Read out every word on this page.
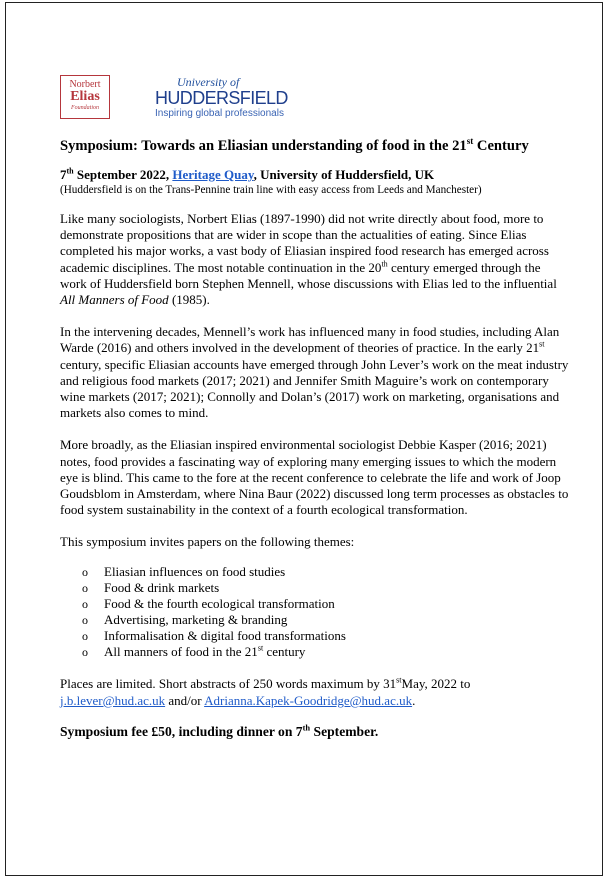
Norbert
Elias
Foundation
University of
HUDDERSFIELD
Inspiring global professionals

Symposium: Towards an Eliasian understanding of food in the 21st Century

7th September 2022, Heritage Quay, University of Huddersfield, UK

(Huddersfield is on the Trans-Pennine train line with easy access from Leeds and Manchester)

Like many sociologists, Norbert Elias (1897-1990) did not write directly about food, more to demonstrate propositions that are wider in scope than the actualities of eating. Since Elias completed his major works, a vast body of Eliasian inspired food research has emerged across academic disciplines. The most notable continuation in the 20th century emerged through the work of Huddersfield born Stephen Mennell, whose discussions with Elias led to the influential All Manners of Food (1985).

In the intervening decades, Mennell’s work has influenced many in food studies, including Alan Warde (2016) and others involved in the development of theories of practice. In the early 21st century, specific Eliasian accounts have emerged through John Lever’s work on the meat industry and religious food markets (2017; 2021) and Jennifer Smith Maguire’s work on contemporary wine markets (2017; 2021); Connolly and Dolan’s (2017) work on marketing, organisations and markets also comes to mind.

More broadly, as the Eliasian inspired environmental sociologist Debbie Kasper (2016; 2021) notes, food provides a fascinating way of exploring many emerging issues to which the modern eye is blind. This came to the fore at the recent conference to celebrate the life and work of Joop Goudsblom in Amsterdam, where Nina Baur (2022) discussed long term processes as obstacles to food system sustainability in the context of a fourth ecological transformation.

This symposium invites papers on the following themes:

o Eliasian influences on food studies
o Food & drink markets
o Food & the fourth ecological transformation
o Advertising, marketing & branding
o Informalisation & digital food transformations
o All manners of food in the 21st century

Places are limited. Short abstracts of 250 words maximum by 31stMay, 2022 to
j.b.lever@hud.ac.uk and/or Adrianna.Kapek-Goodridge@hud.ac.uk.

Symposium fee £50, including dinner on 7th September.
